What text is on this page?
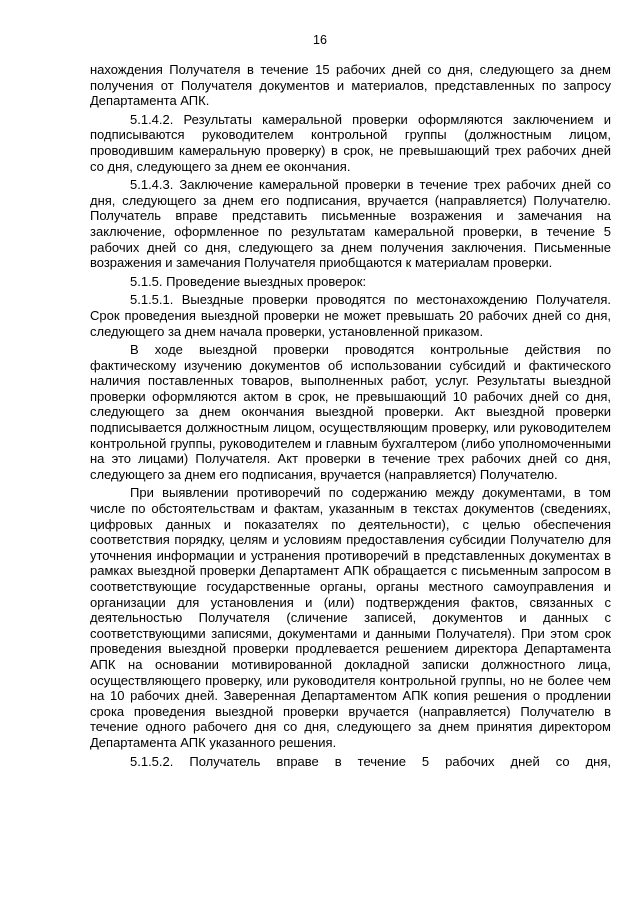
16

нахождения Получателя в течение 15 рабочих дней со дня, следующего за днем получения от Получателя документов и материалов, представленных по запросу Департамента АПК.

5.1.4.2. Результаты камеральной проверки оформляются заключением и подписываются руководителем контрольной группы (должностным лицом, проводившим камеральную проверку) в срок, не превышающий трех рабочих дней со дня, следующего за днем ее окончания.

5.1.4.3. Заключение камеральной проверки в течение трех рабочих дней со дня, следующего за днем его подписания, вручается (направляется) Получателю. Получатель вправе представить письменные возражения и замечания на заключение, оформленное по результатам камеральной проверки, в течение 5 рабочих дней со дня, следующего за днем получения заключения. Письменные возражения и замечания Получателя приобщаются к материалам проверки.

5.1.5. Проведение выездных проверок:

5.1.5.1. Выездные проверки проводятся по местонахождению Получателя. Срок проведения выездной проверки не может превышать 20 рабочих дней со дня, следующего за днем начала проверки, установленной приказом.

В ходе выездной проверки проводятся контрольные действия по фактическому изучению документов об использовании субсидий и фактического наличия поставленных товаров, выполненных работ, услуг. Результаты выездной проверки оформляются актом в срок, не превышающий 10 рабочих дней со дня, следующего за днем окончания выездной проверки. Акт выездной проверки подписывается должностным лицом, осуществляющим проверку, или руководителем контрольной группы, руководителем и главным бухгалтером (либо уполномоченными на это лицами) Получателя. Акт проверки в течение трех рабочих дней со дня, следующего за днем его подписания, вручается (направляется) Получателю.

При выявлении противоречий по содержанию между документами, в том числе по обстоятельствам и фактам, указанным в текстах документов (сведениях, цифровых данных и показателях по деятельности), с целью обеспечения соответствия порядку, целям и условиям предоставления субсидии Получателю для уточнения информации и устранения противоречий в представленных документах в рамках выездной проверки Департамент АПК обращается с письменным запросом в соответствующие государственные органы, органы местного самоуправления и организации для установления и (или) подтверждения фактов, связанных с деятельностью Получателя (сличение записей, документов и данных с соответствующими записями, документами и данными Получателя). При этом срок проведения выездной проверки продлевается решением директора Департамента АПК на основании мотивированной докладной записки должностного лица, осуществляющего проверку, или руководителя контрольной группы, но не более чем на 10 рабочих дней. Заверенная Департаментом АПК копия решения о продлении срока проведения выездной проверки вручается (направляется) Получателю в течение одного рабочего дня со дня, следующего за днем принятия директором Департамента АПК указанного решения.

5.1.5.2. Получатель вправе в течение 5 рабочих дней со дня,
